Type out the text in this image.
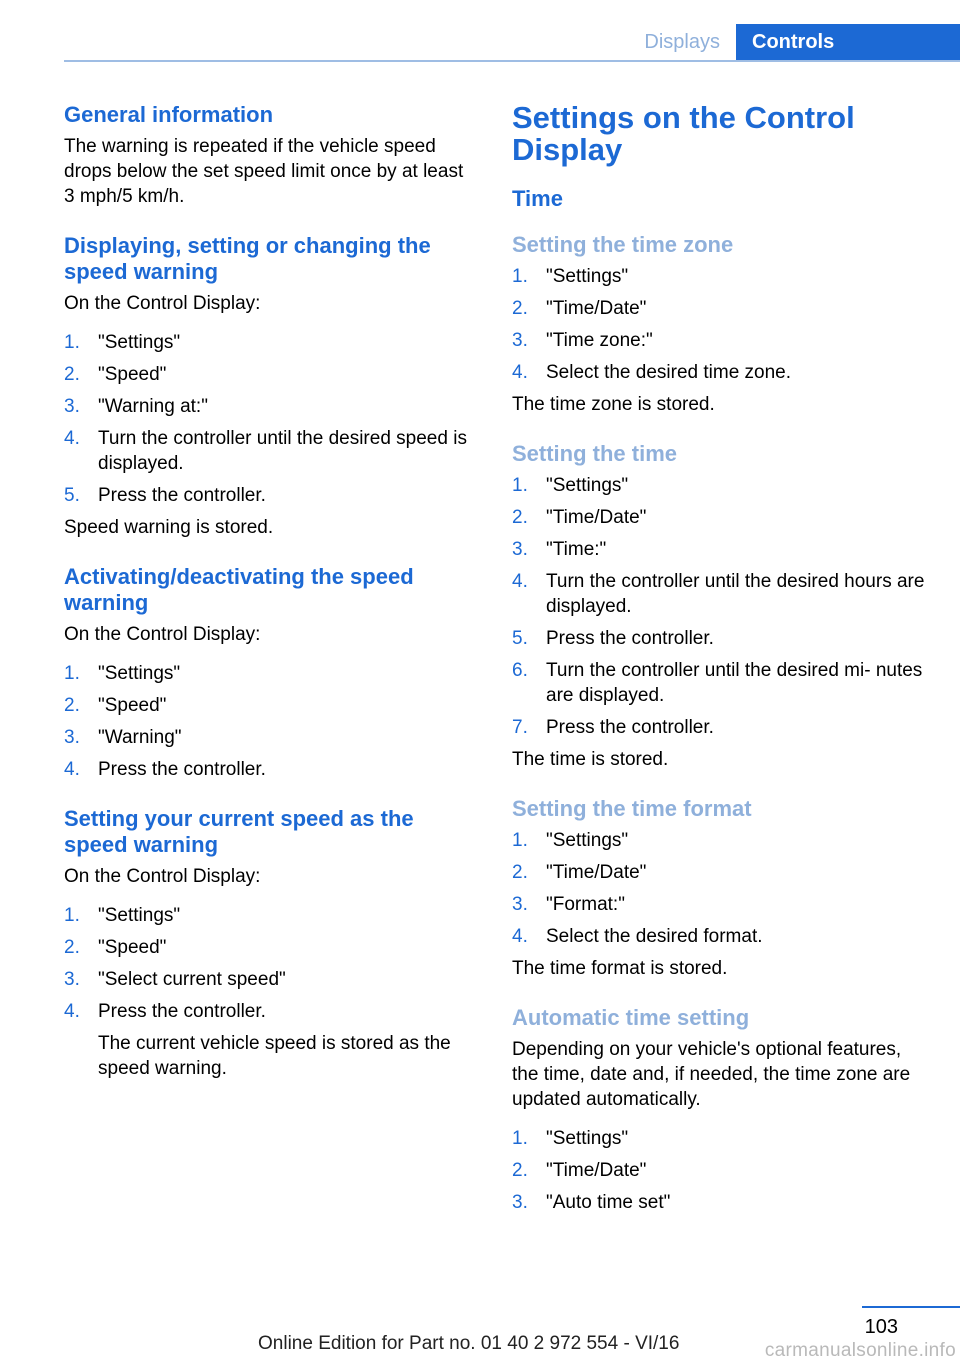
Displays	Controls
General information

The warning is repeated if the vehicle speed drops below the set speed limit once by at least 3 mph/5 km/h.

Displaying, setting or changing the speed warning

On the Control Display:

1. "Settings"
2. "Speed"
3. "Warning at:"
4. Turn the controller until the desired speed is displayed.
5. Press the controller.

Speed warning is stored.

Activating/deactivating the speed warning

On the Control Display:

1. "Settings"
2. "Speed"
3. "Warning"
4. Press the controller.
Setting your current speed as the speed warning

On the Control Display:

1. "Settings"
2. "Speed"
3. "Select current speed"
4. Press the controller.
The current vehicle speed is stored as the speed warning.
Settings on the Control Display
Time
Setting the time zone
1. "Settings"
2. "Time/Date"
3. "Time zone:"
4. Select the desired time zone.

The time zone is stored.

Setting the time
1. "Settings"
2. "Time/Date"
3. "Time:"
4. Turn the controller until the desired hours are displayed.
5. Press the controller.
6. Turn the controller until the desired mi‐ nutes are displayed.
7. Press the controller.

The time is stored.

Setting the time format
1. "Settings"
2. "Time/Date"
3. "Format:"
4. Select the desired format.

The time format is stored.

Automatic time setting

Depending on your vehicle's optional features, the time, date and, if needed, the time zone are updated automatically.

1. "Settings"
2. "Time/Date"
3. "Auto time set"
103
Online Edition for Part no. 01 40 2 972 554 - VI/16	carmanualsonline.info
